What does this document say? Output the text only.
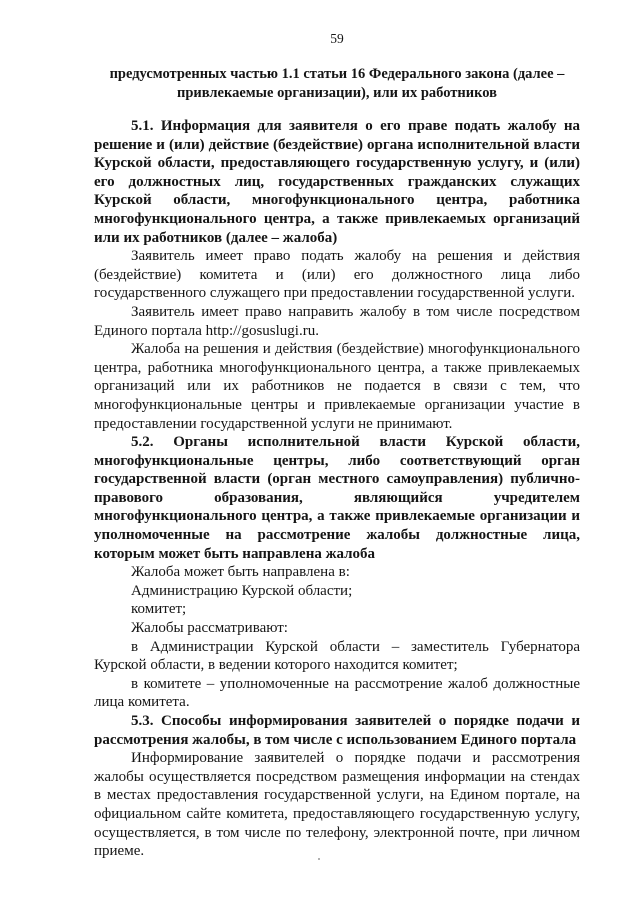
59
предусмотренных частью 1.1 статьи 16 Федерального закона (далее – привлекаемые организации), или их работников

5.1. Информация для заявителя о его праве подать жалобу на решение и (или) действие (бездействие) органа исполнительной власти Курской области, предоставляющего государственную услугу, и (или) его должностных лиц, государственных гражданских служащих Курской области, многофункционального центра, работника многофункционального центра, а также привлекаемых организаций или их работников (далее – жалоба)

Заявитель имеет право подать жалобу на решения и действия (бездействие) комитета и (или) его должностного лица либо государственного служащего при предоставлении государственной услуги.

Заявитель имеет право направить жалобу в том числе посредством Единого портала http://gosuslugi.ru.

Жалоба на решения и действия (бездействие) многофункционального центра, работника многофункционального центра, а также привлекаемых организаций или их работников не подается в связи с тем, что многофункциональные центры и привлекаемые организации участие в предоставлении государственной услуги не принимают.

5.2. Органы исполнительной власти Курской области, многофункциональные центры, либо соответствующий орган государственной власти (орган местного самоуправления) публично-правового образования, являющийся учредителем многофункционального центра, а также привлекаемые организации и уполномоченные на рассмотрение жалобы должностные лица, которым может быть направлена жалоба

Жалоба может быть направлена в:

Администрацию Курской области;

комитет;

Жалобы рассматривают:

в Администрации Курской области – заместитель Губернатора Курской области, в ведении которого находится комитет;

в комитете – уполномоченные на рассмотрение жалоб должностные лица комитета.

5.3. Способы информирования заявителей о порядке подачи и рассмотрения жалобы, в том числе с использованием Единого портала

Информирование заявителей о порядке подачи и рассмотрения жалобы осуществляется посредством размещения информации на стендах в местах предоставления государственной услуги, на Едином портале, на официальном сайте комитета, предоставляющего государственную услугу, осуществляется, в том числе по телефону, электронной почте, при личном приеме.
